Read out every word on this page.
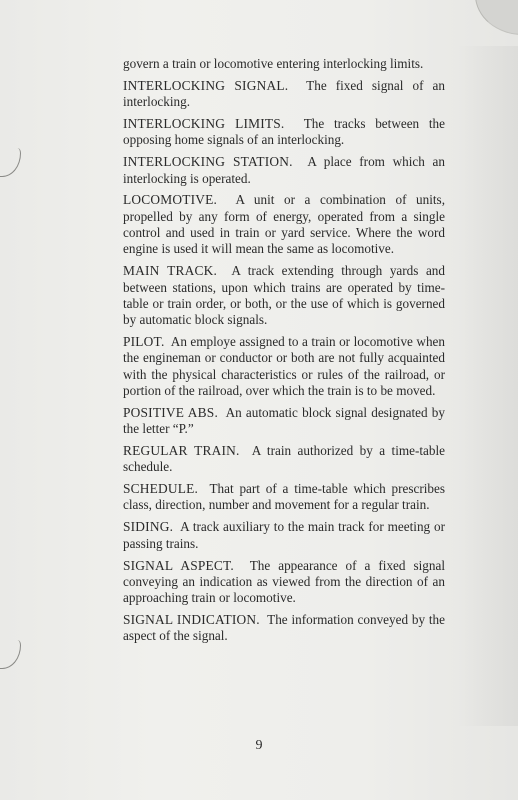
govern a train or locomotive entering interlocking limits.

INTERLOCKING SIGNAL. The fixed signal of an interlocking.

INTERLOCKING LIMITS. The tracks between the opposing home signals of an interlocking.

INTERLOCKING STATION. A place from which an interlocking is operated.

LOCOMOTIVE. A unit or a combination of units, propelled by any form of energy, operated from a single control and used in train or yard service. Where the word engine is used it will mean the same as locomotive.

MAIN TRACK. A track extending through yards and between stations, upon which trains are operated by time-table or train order, or both, or the use of which is governed by automatic block signals.

PILOT. An employe assigned to a train or locomotive when the engineman or conductor or both are not fully acquainted with the physical characteristics or rules of the railroad, or portion of the railroad, over which the train is to be moved.

POSITIVE ABS. An automatic block signal designated by the letter “P.”

REGULAR TRAIN. A train authorized by a time-table schedule.

SCHEDULE. That part of a time-table which prescribes class, direction, number and movement for a regular train.

SIDING. A track auxiliary to the main track for meeting or passing trains.

SIGNAL ASPECT. The appearance of a fixed signal conveying an indication as viewed from the direction of an approaching train or locomotive.

SIGNAL INDICATION. The information conveyed by the aspect of the signal.

9
